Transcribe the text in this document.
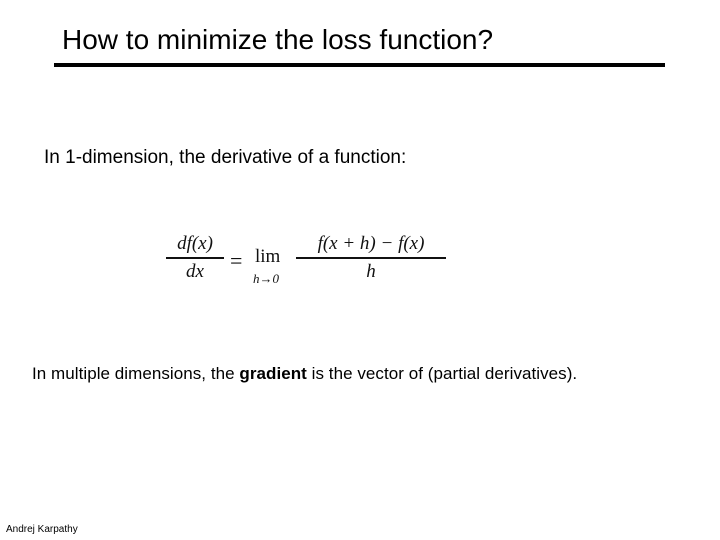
How to minimize the loss function?
In 1-dimension, the derivative of a function:
df(x)
dx = lim
h→0
f(x + h) − f(x)
h
In multiple dimensions, the gradient is the vector of (partial derivatives).
Andrej Karpathy
